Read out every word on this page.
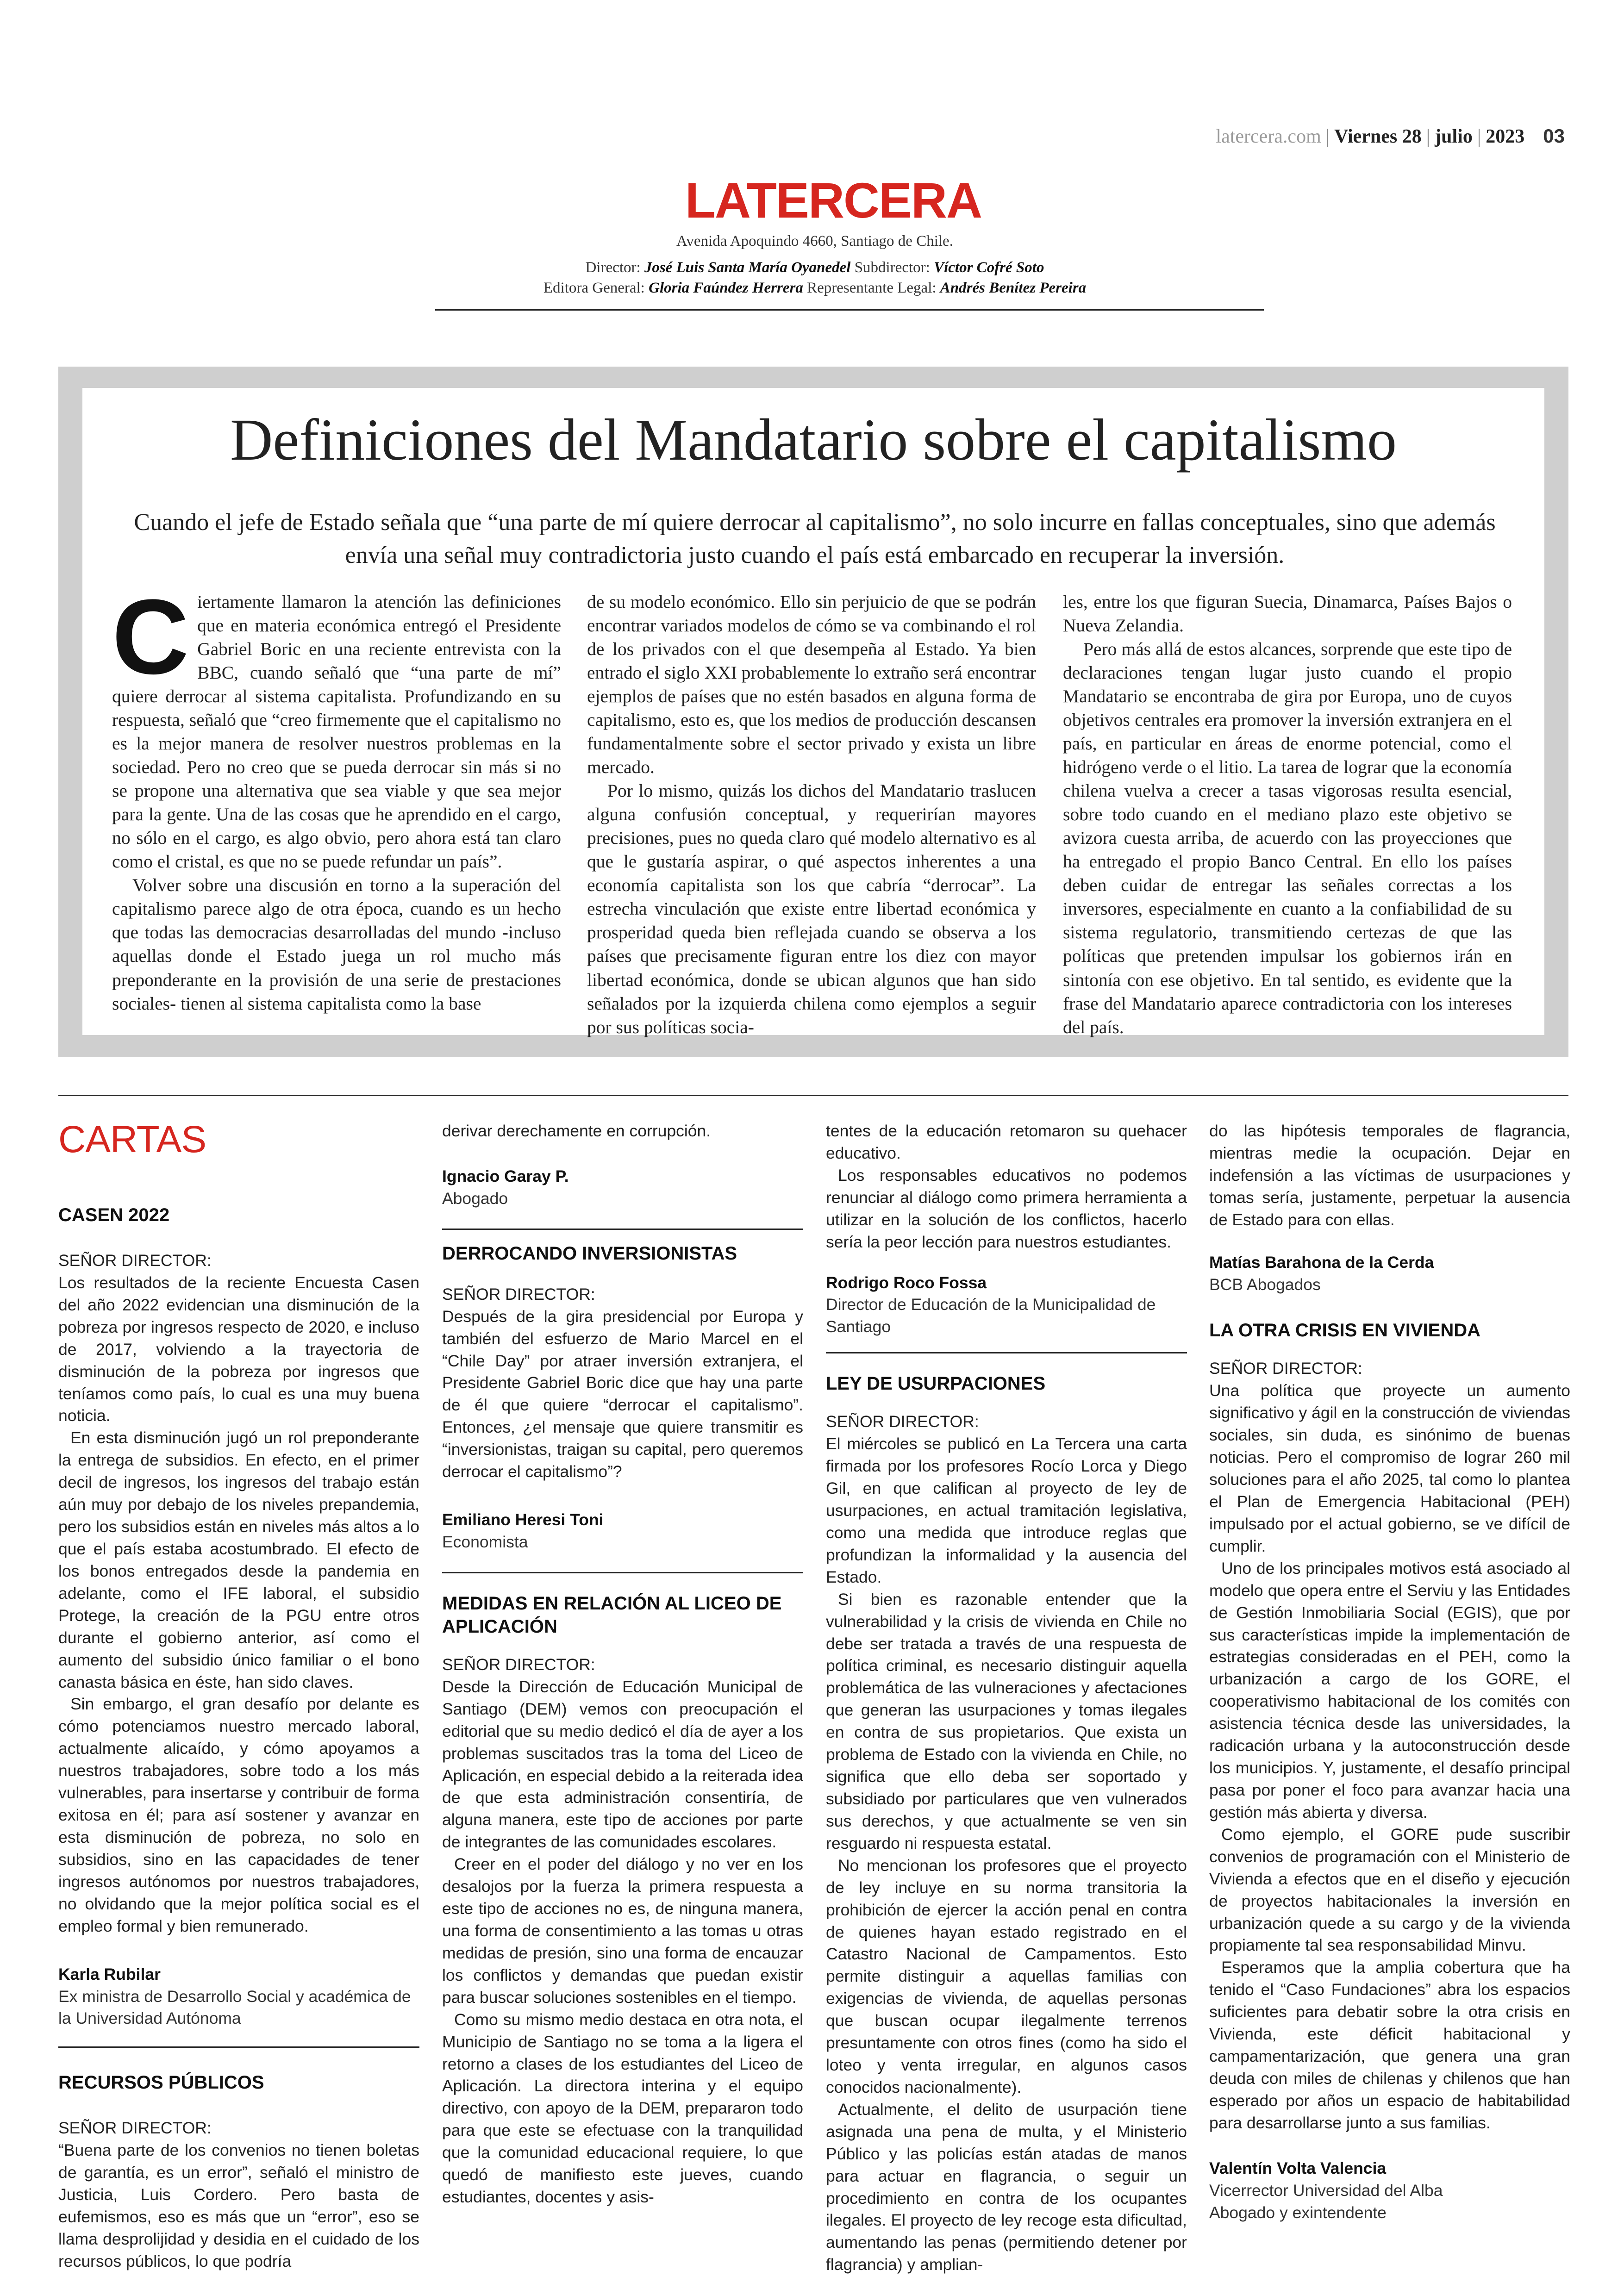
latercera.com | Viernes 28 | julio | 2023 03
LATERCERA
Avenida Apoquindo 4660, Santiago de Chile.
Director: José Luis Santa María Oyanedel Subdirector: Víctor Cofré Soto
Editora General: Gloria Faúndez Herrera Representante Legal: Andrés Benítez Pereira
Definiciones del Mandatario sobre el capitalismo
Cuando el jefe de Estado señala que “una parte de mí quiere derrocar al capitalismo”, no solo incurre en fallas conceptuales, sino que además envía una señal muy contradictoria justo cuando el país está embarcado en recuperar la inversión.

Ciertamente llamaron la atención las definiciones que en materia económica entregó el Presidente Gabriel Boric en una reciente entrevista con la BBC, cuando señaló que “una parte de mí” quiere derrocar al sistema capitalista. Profundizando en su respuesta, señaló que “creo firmemente que el capitalismo no es la mejor manera de resolver nuestros problemas en la sociedad. Pero no creo que se pueda derrocar sin más si no se propone una alternativa que sea viable y que sea mejor para la gente. Una de las cosas que he aprendido en el cargo, no sólo en el cargo, es algo obvio, pero ahora está tan claro como el cristal, es que no se puede refundar un país”.

Volver sobre una discusión en torno a la superación del capitalismo parece algo de otra época, cuando es un hecho que todas las democracias desarrolladas del mundo -incluso aquellas donde el Estado juega un rol mucho más preponderante en la provisión de una serie de prestaciones sociales- tienen al sistema capitalista como la base

de su modelo económico. Ello sin perjuicio de que se podrán encontrar variados modelos de cómo se va combinando el rol de los privados con el que desempeña al Estado. Ya bien entrado el siglo XXI probablemente lo extraño será encontrar ejemplos de países que no estén basados en alguna forma de capitalismo, esto es, que los medios de producción descansen fundamentalmente sobre el sector privado y exista un libre mercado.

Por lo mismo, quizás los dichos del Mandatario traslucen alguna confusión conceptual, y requerirían mayores precisiones, pues no queda claro qué modelo alternativo es al que le gustaría aspirar, o qué aspectos inherentes a una economía capitalista son los que cabría “derrocar”. La estrecha vinculación que existe entre libertad económica y prosperidad queda bien reflejada cuando se observa a los países que precisamente figuran entre los diez con mayor libertad económica, donde se ubican algunos que han sido señalados por la izquierda chilena como ejemplos a seguir por sus políticas socia-

les, entre los que figuran Suecia, Dinamarca, Países Bajos o Nueva Zelandia.

Pero más allá de estos alcances, sorprende que este tipo de declaraciones tengan lugar justo cuando el propio Mandatario se encontraba de gira por Europa, uno de cuyos objetivos centrales era promover la inversión extranjera en el país, en particular en áreas de enorme potencial, como el hidrógeno verde o el litio. La tarea de lograr que la economía chilena vuelva a crecer a tasas vigorosas resulta esencial, sobre todo cuando en el mediano plazo este objetivo se avizora cuesta arriba, de acuerdo con las proyecciones que ha entregado el propio Banco Central. En ello los países deben cuidar de entregar las señales correctas a los inversores, especialmente en cuanto a la confiabilidad de su sistema regulatorio, transmitiendo certezas de que las políticas que pretenden impulsar los gobiernos irán en sintonía con ese objetivo. En tal sentido, es evidente que la frase del Mandatario aparece contradictoria con los intereses del país.

CARTAS
CASEN 2022

SEÑOR DIRECTOR:

Los resultados de la reciente Encuesta Casen del año 2022 evidencian una disminución de la pobreza por ingresos respecto de 2020, e incluso de 2017, volviendo a la trayectoria de disminución de la pobreza por ingresos que teníamos como país, lo cual es una muy buena noticia.

En esta disminución jugó un rol preponderante la entrega de subsidios. En efecto, en el primer decil de ingresos, los ingresos del trabajo están aún muy por debajo de los niveles prepandemia, pero los subsidios están en niveles más altos a lo que el país estaba acostumbrado. El efecto de los bonos entregados desde la pandemia en adelante, como el IFE laboral, el subsidio Protege, la creación de la PGU entre otros durante el gobierno anterior, así como el aumento del subsidio único familiar o el bono canasta básica en éste, han sido claves.

Sin embargo, el gran desafío por delante es cómo potenciamos nuestro mercado laboral, actualmente alicaído, y cómo apoyamos a nuestros trabajadores, sobre todo a los más vulnerables, para insertarse y contribuir de forma exitosa en él; para así sostener y avanzar en esta disminución de pobreza, no solo en subsidios, sino en las capacidades de tener ingresos autónomos por nuestros trabajadores, no olvidando que la mejor política social es el empleo formal y bien remunerado.

Karla Rubilar
Ex ministra de Desarrollo Social y académica de la Universidad Autónoma
RECURSOS PÚBLICOS

SEÑOR DIRECTOR:

“Buena parte de los convenios no tienen boletas de garantía, es un error”, señaló el ministro de Justicia, Luis Cordero. Pero basta de eufemismos, eso es más que un “error”, eso se llama desprolijidad y desidia en el cuidado de los recursos públicos, lo que podría

derivar derechamente en corrupción.

Ignacio Garay P.
Abogado
DERROCANDO INVERSIONISTAS

SEÑOR DIRECTOR:

Después de la gira presidencial por Europa y también del esfuerzo de Mario Marcel en el “Chile Day” por atraer inversión extranjera, el Presidente Gabriel Boric dice que hay una parte de él que quiere “derrocar el capitalismo”. Entonces, ¿el mensaje que quiere transmitir es “inversionistas, traigan su capital, pero queremos derrocar el capitalismo”?

Emiliano Heresi Toni
Economista
MEDIDAS EN RELACIÓN AL LICEO DE APLICACIÓN

SEÑOR DIRECTOR:

Desde la Dirección de Educación Municipal de Santiago (DEM) vemos con preocupación el editorial que su medio dedicó el día de ayer a los problemas suscitados tras la toma del Liceo de Aplicación, en especial debido a la reiterada idea de que esta administración consentiría, de alguna manera, este tipo de acciones por parte de integrantes de las comunidades escolares.

Creer en el poder del diálogo y no ver en los desalojos por la fuerza la primera respuesta a este tipo de acciones no es, de ninguna manera, una forma de consentimiento a las tomas u otras medidas de presión, sino una forma de encauzar los conflictos y demandas que puedan existir para buscar soluciones sostenibles en el tiempo.

Como su mismo medio destaca en otra nota, el Municipio de Santiago no se toma a la ligera el retorno a clases de los estudiantes del Liceo de Aplicación. La directora interina y el equipo directivo, con apoyo de la DEM, prepararon todo para que este se efectuase con la tranquilidad que la comunidad educacional requiere, lo que quedó de manifiesto este jueves, cuando estudiantes, docentes y asis-

tentes de la educación retomaron su quehacer educativo.

Los responsables educativos no podemos renunciar al diálogo como primera herramienta a utilizar en la solución de los conflictos, hacerlo sería la peor lección para nuestros estudiantes.

Rodrigo Roco Fossa
Director de Educación de la Municipalidad de Santiago
LEY DE USURPACIONES

SEÑOR DIRECTOR:

El miércoles se publicó en La Tercera una carta firmada por los profesores Rocío Lorca y Diego Gil, en que califican al proyecto de ley de usurpaciones, en actual tramitación legislativa, como una medida que introduce reglas que profundizan la informalidad y la ausencia del Estado.

Si bien es razonable entender que la vulnerabilidad y la crisis de vivienda en Chile no debe ser tratada a través de una respuesta de política criminal, es necesario distinguir aquella problemática de las vulneraciones y afectaciones que generan las usurpaciones y tomas ilegales en contra de sus propietarios. Que exista un problema de Estado con la vivienda en Chile, no significa que ello deba ser soportado y subsidiado por particulares que ven vulnerados sus derechos, y que actualmente se ven sin resguardo ni respuesta estatal.

No mencionan los profesores que el proyecto de ley incluye en su norma transitoria la prohibición de ejercer la acción penal en contra de quienes hayan estado registrado en el Catastro Nacional de Campamentos. Esto permite distinguir a aquellas familias con exigencias de vivienda, de aquellas personas que buscan ocupar ilegalmente terrenos presuntamente con otros fines (como ha sido el loteo y venta irregular, en algunos casos conocidos nacionalmente).

Actualmente, el delito de usurpación tiene asignada una pena de multa, y el Ministerio Público y las policías están atadas de manos para actuar en flagrancia, o seguir un procedimiento en contra de los ocupantes ilegales. El proyecto de ley recoge esta dificultad, aumentando las penas (permitiendo detener por flagrancia) y amplian-

do las hipótesis temporales de flagrancia, mientras medie la ocupación. Dejar en indefensión a las víctimas de usurpaciones y tomas sería, justamente, perpetuar la ausencia de Estado para con ellas.

Matías Barahona de la Cerda
BCB Abogados
LA OTRA CRISIS EN VIVIENDA

SEÑOR DIRECTOR:

Una política que proyecte un aumento significativo y ágil en la construcción de viviendas sociales, sin duda, es sinónimo de buenas noticias. Pero el compromiso de lograr 260 mil soluciones para el año 2025, tal como lo plantea el Plan de Emergencia Habitacional (PEH) impulsado por el actual gobierno, se ve difícil de cumplir.

Uno de los principales motivos está asociado al modelo que opera entre el Serviu y las Entidades de Gestión Inmobiliaria Social (EGIS), que por sus características impide la implementación de estrategias consideradas en el PEH, como la urbanización a cargo de los GORE, el cooperativismo habitacional de los comités con asistencia técnica desde las universidades, la radicación urbana y la autoconstrucción desde los municipios. Y, justamente, el desafío principal pasa por poner el foco para avanzar hacia una gestión más abierta y diversa.

Como ejemplo, el GORE pude suscribir convenios de programación con el Ministerio de Vivienda a efectos que en el diseño y ejecución de proyectos habitacionales la inversión en urbanización quede a su cargo y de la vivienda propiamente tal sea responsabilidad Minvu.

Esperamos que la amplia cobertura que ha tenido el “Caso Fundaciones” abra los espacios suficientes para debatir sobre la otra crisis en Vivienda, este déficit habitacional y campamentarización, que genera una gran deuda con miles de chilenas y chilenos que han esperado por años un espacio de habitabilidad para desarrollarse junto a sus familias.

Valentín Volta Valencia
Vicerrector Universidad del Alba
Abogado y exintendente
